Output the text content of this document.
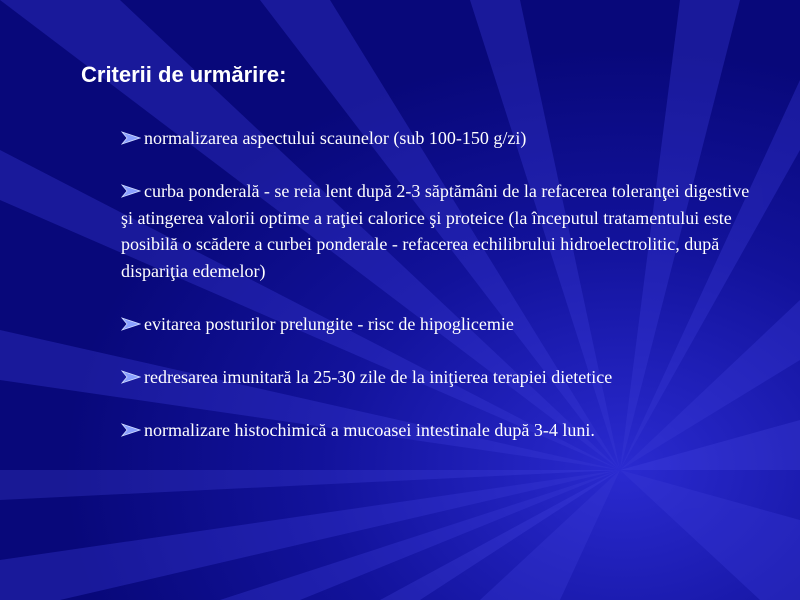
Criterii de urmărire:
normalizarea aspectului scaunelor (sub 100-150 g/zi)
curba ponderală - se reia lent după 2-3 săptămâni de la refacerea toleranţei digestive şi atingerea valorii optime a raţiei calorice şi proteice (la începutul tratamentului este posibilă o scădere a curbei ponderale - refacerea echilibrului hidroelectrolitic, după dispariţia edemelor)
evitarea posturilor prelungite - risc de hipoglicemie
redresarea imunitară la 25-30 zile de la iniţierea terapiei dietetice
normalizare histochimică a mucoasei intestinale după 3-4 luni.
